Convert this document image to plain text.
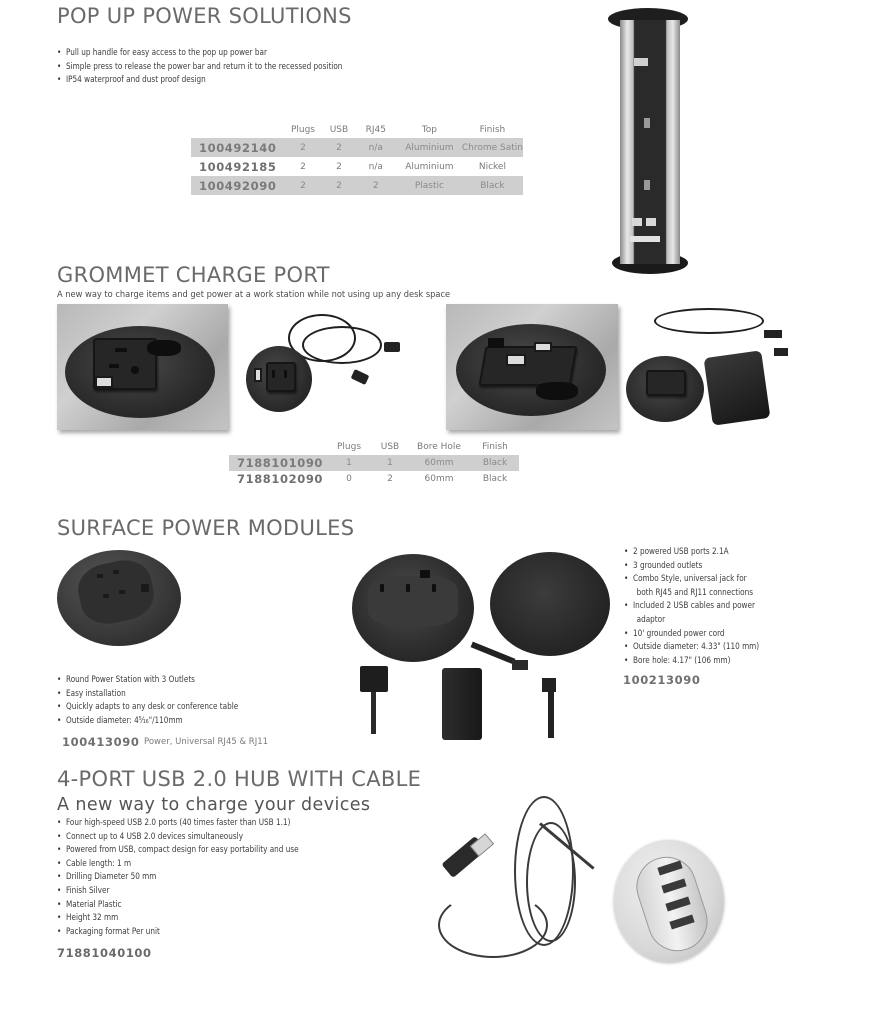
POP UP POWER SOLUTIONS
• Pull up handle for easy access to the pop up power bar
• Simple press to release the power bar and return it to the recessed position
• IP54 waterproof and dust proof design
	Plugs	USB	RJ45	Top	Finish
100492140	2	2	n/a	Aluminium	Chrome Satin
100492185	2	2	n/a	Aluminium	Nickel
100492090	2	2	2	Plastic	Black
GROMMET CHARGE PORT
A new way to charge items and get power at a work station while not using up any desk space
	Plugs	USB	Bore Hole	Finish
7188101090	1	1	60mm	Black
7188102090	0	2	60mm	Black
SURFACE POWER MODULES
• Round Power Station with 3 Outlets
• Easy installation
• Quickly adapts to any desk or conference table
• Outside diameter: 4⁵⁄₁₆"/110mm
100413090 Power, Universal RJ45 & RJ11
• 2 powered USB ports 2.1A
• 3 grounded outlets
• Combo Style, universal jack for
both RJ45 and RJ11 connections
• Included 2 USB cables and power
adaptor
• 10' grounded power cord
• Outside diameter: 4.33" (110 mm)
• Bore hole: 4.17" (106 mm)
100213090
4-PORT USB 2.0 HUB WITH CABLE
A new way to charge your devices
• Four high-speed USB 2.0 ports (40 times faster than USB 1.1)
• Connect up to 4 USB 2.0 devices simultaneously
• Powered from USB, compact design for easy portability and use
• Cable length: 1 m
• Drilling Diameter 50 mm
• Finish Silver
• Material Plastic
• Height 32 mm
• Packaging format Per unit
71881040100
